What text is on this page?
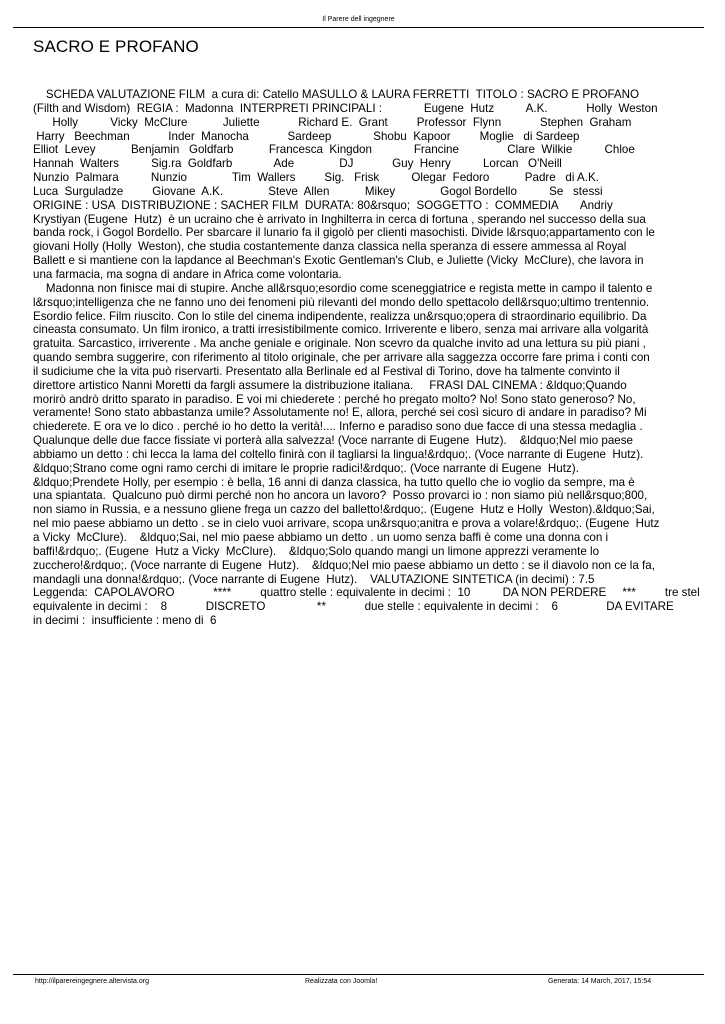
Il Parere dell ingegnere
SACRO E PROFANO

SCHEDA VALUTAZIONE FILM  a cura di: Catello MASULLO & LAURA FERRETTI  TITOLO : SACRO E PROFANO
(Filth and Wisdom)  REGIA :  Madonna  INTERPRETI PRINCIPALI :             Eugene  Hutz          A.K.            Holly  Weston
Holly          Vicky  McClure           Juliette            Richard E.  Grant         Professor  Flynn            Stephen  Graham
Harry   Beechman            Inder  Manocha            Sardeep             Shobu  Kapoor         Moglie   di Sardeep
Elliot  Levey           Benjamin   Goldfarb           Francesca  Kingdon             Francine               Clare  Wilkie          Chloe
Hannah  Walters          Sig.ra  Goldfarb             Ade              DJ            Guy  Henry          Lorcan   O'Neill
Nunzio  Palmara          Nunzio              Tim  Wallers         Sig.   Frisk          Olegar  Fedoro           Padre   di A.K.
Luca  Surguladze         Giovane  A.K.              Steve  Allen           Mikey              Gogol Bordello          Se   stessi
ORIGINE : USA  DISTRIBUZIONE : SACHER FILM  DURATA: 80&rsquo;  SOGGETTO :  COMMEDIA       Andriy
Krystiyan (Eugene  Hutz)  è un ucraino che è arrivato in Inghilterra in cerca di fortuna , sperando nel successo della sua
banda rock, i Gogol Bordello. Per sbarcare il lunario fa il gigolò per clienti masochisti. Divide l&rsquo;appartamento con le
giovani Holly (Holly  Weston), che studia costantemente danza classica nella speranza di essere ammessa al Royal
Ballett e si mantiene con la lapdance al Beechman's Exotic Gentleman's Club, e Juliette (Vicky  McClure), che lavora in
una farmacia, ma sogna di andare in Africa come volontaria.

Madonna non finisce mai di stupire. Anche all&rsquo;esordio come sceneggiatrice e regista mette in campo il talento e
l&rsquo;intelligenza che ne fanno uno dei fenomeni più rilevanti del mondo dello spettacolo dell&rsquo;ultimo trentennio.
Esordio felice. Film riuscito. Con lo stile del cinema indipendente, realizza un&rsquo;opera di straordinario equilibrio. Da
cineasta consumato. Un film ironico, a tratti irresistibilmente comico. Irriverente e libero, senza mai arrivare alla volgarità
gratuita. Sarcastico, irriverente . Ma anche geniale e originale. Non scevro da qualche invito ad una lettura su più piani ,
quando sembra suggerire, con riferimento al titolo originale, che per arrivare alla saggezza occorre fare prima i conti con
il sudiciume che la vita può riservarti. Presentato alla Berlinale ed al Festival di Torino, dove ha talmente convinto il
direttore artistico Nanni Moretti da fargli assumere la distribuzione italiana.     FRASI DAL CINEMA : &ldquo;Quando
morirò andrò dritto sparato in paradiso. E voi mi chiederete : perché ho pregato molto? No! Sono stato generoso? No,
veramente! Sono stato abbastanza umile? Assolutamente no! E, allora, perché sei così sicuro di andare in paradiso? Mi
chiederete. E ora ve lo dico . perché io ho detto la verità!.... Inferno e paradiso sono due facce di una stessa medaglia .
Qualunque delle due facce fissiate vi porterà alla salvezza! (Voce narrante di Eugene  Hutz).    &ldquo;Nel mio paese
abbiamo un detto : chi lecca la lama del coltello finirà con il tagliarsi la lingua!&rdquo;. (Voce narrante di Eugene  Hutz).
&ldquo;Strano come ogni ramo cerchi di imitare le proprie radici!&rdquo;. (Voce narrante di Eugene  Hutz).
&ldquo;Prendete Holly, per esempio : è bella, 16 anni di danza classica, ha tutto quello che io voglio da sempre, ma è
una spiantata.  Qualcuno può dirmi perché non ho ancora un lavoro?  Posso provarci io : non siamo più nell&rsquo;800,
non siamo in Russia, e a nessuno gliene frega un cazzo del balletto!&rdquo;. (Eugene  Hutz e Holly  Weston).&ldquo;Sai,
nel mio paese abbiamo un detto . se in cielo vuoi arrivare, scopa un&rsquo;anitra e prova a volare!&rdquo;. (Eugene  Hutz
a Vicky  McClure).    &ldquo;Sai, nel mio paese abbiamo un detto . un uomo senza baffi è come una donna con i
baffi!&rdquo;. (Eugene  Hutz a Vicky  McClure).    &ldquo;Solo quando mangi un limone apprezzi veramente lo
zucchero!&rdquo;. (Voce narrante di Eugene  Hutz).    &ldquo;Nel mio paese abbiamo un detto : se il diavolo non ce la fa,
mandagli una donna!&rdquo;. (Voce narrante di Eugene  Hutz).    VALUTAZIONE SINTETICA (in decimi) : 7.5
Leggenda:  CAPOLAVORO            ****         quattro stelle : equivalente in decimi :  10          DA NON PERDERE     ***         tre stel
equivalente in decimi :    8            DISCRETO                **            due stelle : equivalente in decimi :    6               DA EVITARE
in decimi :  insufficiente : meno di  6

http://ilparereingegnere.altervista.org	Realizzata con Joomla!	Generata: 14 March, 2017, 15:54
